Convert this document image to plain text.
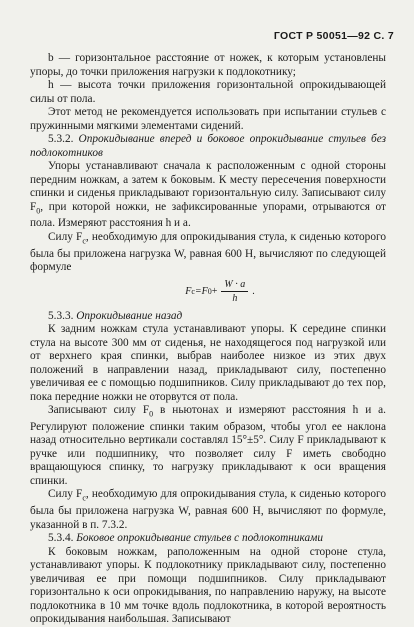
ГОСТ Р 50051—92 С. 7

b — горизонтальное расстояние от ножек, к которым установлены упоры, до точки приложения нагрузки к подлокотнику;

h — высота точки приложения горизонтальной опрокидывающей силы от пола.

Этот метод не рекомендуется использовать при испытании стульев с пружинными мягкими элементами сидений.

5.3.2. Опрокидывание вперед и боковое опрокидывание стульев без подлокотников

Упоры устанавливают сначала к расположенным с одной стороны передним ножкам, а затем к боковым. К месту пересечения поверхности спинки и сиденья прикладывают горизонтальную силу. Записывают силу $F_0$, при которой ножки, не зафиксированные упорами, отрываются от пола. Измеряют расстояния h и a.

Силу $F_c$, необходимую для опрокидывания стула, к сиденью которого была бы приложена нагрузка W, равная 600 Н, вычисляют по следующей формуле

F c =F $0 + \frac{W \cdot a}{h}$ .

5.3.3. Опрокидывание назад

К задним ножкам стула устанавливают упоры. К середине спинки стула на высоте 300 мм от сиденья, не находящегося под нагрузкой или от верхнего края спинки, выбрав наиболее низкое из этих двух положений в направлении назад, прикладывают силу, постепенно увеличивая ее с помощью подшипников. Силу прикладывают до тех пор, пока передние ножки не оторвутся от пола.

Записывают силу $F_0$ в ньютонах и измеряют расстояния h и a. Регулируют положение спинки таким образом, чтобы угол ее наклона назад относительно вертикали составлял 15°±5°. Силу F прикладывают к ручке или подшипнику, что позволяет силу F иметь свободно вращающуюся спинку, то нагрузку прикладывают к оси вращения спинки.

Силу $F_c$, необходимую для опрокидывания стула, к сиденью которого была бы приложена нагрузка W, равная 600 Н, вычисляют по формуле, указанной в п. 7.3.2.

5.3.4. Боковое опрокидывание стульев с подлокотниками

К боковым ножкам, раположенным на одной стороне стула, устанавливают упоры. К подлокотнику прикладывают силу, постепенно увеличивая ее при помощи подшипников. Силу прикладывают горизонтально к оси опрокидывания, по направлению наружу, на высоте подлокотника в 10 мм точке вдоль подлокотника, в которой вероятность опрокидывания наибольшая. Записывают
